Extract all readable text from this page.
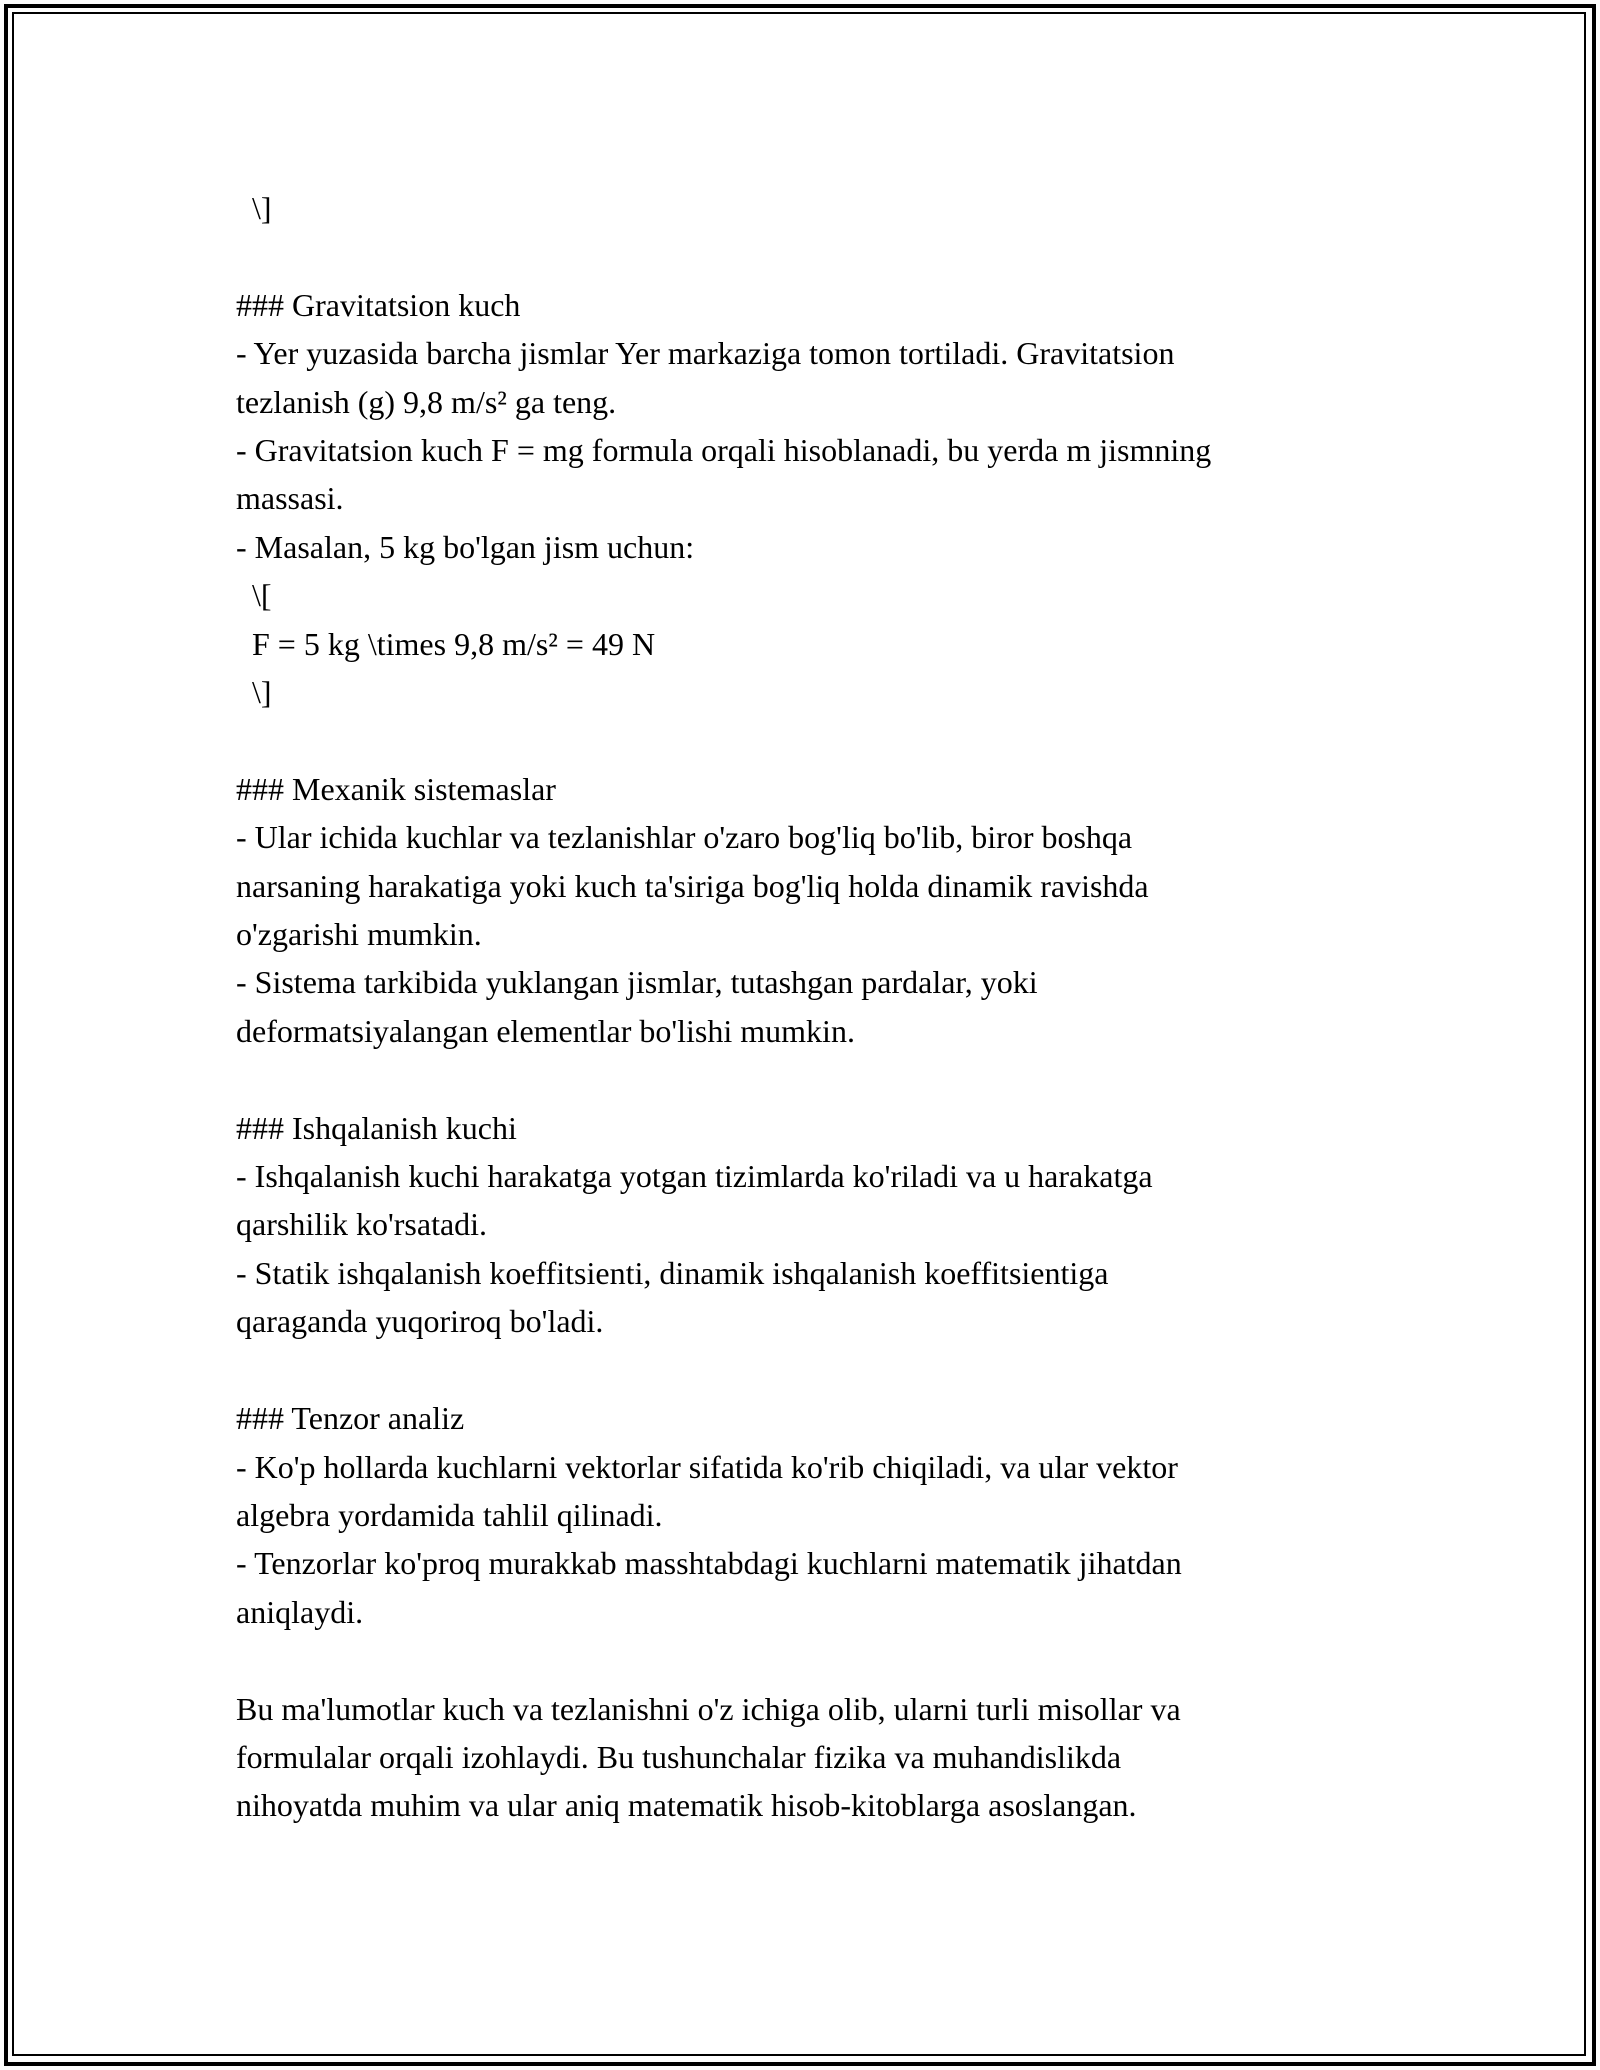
\]
### Gravitatsion kuch
- Yer yuzasida barcha jismlar Yer markaziga tomon tortiladi. Gravitatsion
tezlanish (g) 9,8 m/s² ga teng.
- Gravitatsion kuch F = mg formula orqali hisoblanadi, bu yerda m jismning
massasi.
- Masalan, 5 kg bo'lgan jism uchun:
\[
F = 5 kg \times 9,8 m/s² = 49 N
\]
### Mexanik sistemaslar
- Ular ichida kuchlar va tezlanishlar o'zaro bog'liq bo'lib, biror boshqa
narsaning harakatiga yoki kuch ta'siriga bog'liq holda dinamik ravishda
o'zgarishi mumkin.
- Sistema tarkibida yuklangan jismlar, tutashgan pardalar, yoki
deformatsiyalangan elementlar bo'lishi mumkin.
### Ishqalanish kuchi
- Ishqalanish kuchi harakatga yotgan tizimlarda ko'riladi va u harakatga
qarshilik ko'rsatadi.
- Statik ishqalanish koeffitsienti, dinamik ishqalanish koeffitsientiga
qaraganda yuqoriroq bo'ladi.
### Tenzor analiz
- Ko'p hollarda kuchlarni vektorlar sifatida ko'rib chiqiladi, va ular vektor
algebra yordamida tahlil qilinadi.
- Tenzorlar ko'proq murakkab masshtabdagi kuchlarni matematik jihatdan
aniqlaydi.
Bu ma'lumotlar kuch va tezlanishni o'z ichiga olib, ularni turli misollar va
formulalar orqali izohlaydi. Bu tushunchalar fizika va muhandislikda
nihoyatda muhim va ular aniq matematik hisob-kitoblarga asoslangan.
